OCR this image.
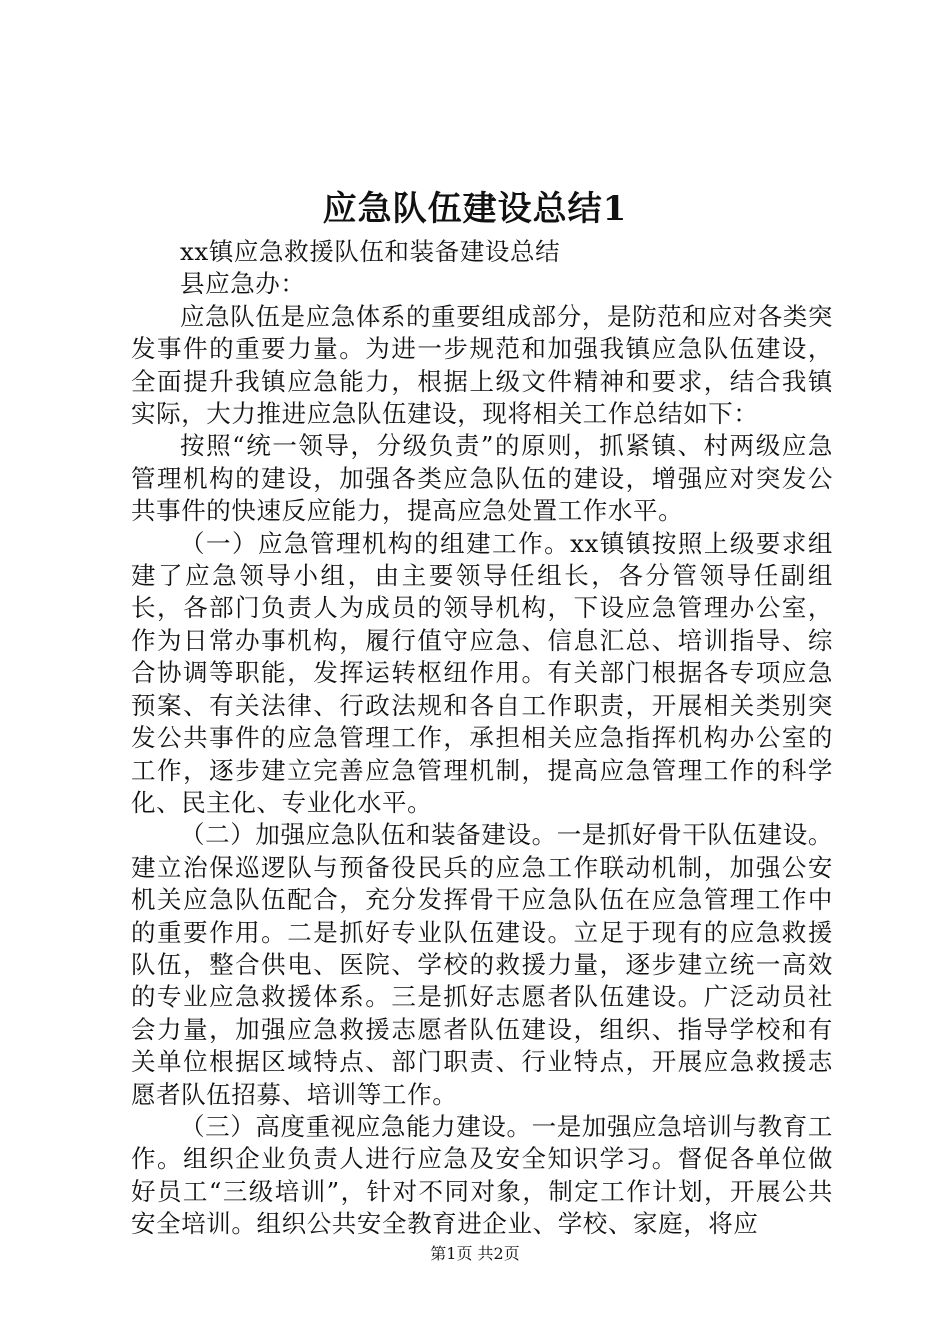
应急队伍建设总结1

xx镇应急救援队伍和装备建设总结

县应急办：

应急队伍是应急体系的重要组成部分，是防范和应对各类突发事件的重要力量。为进一步规范和加强我镇应急队伍建设，全面提升我镇应急能力，根据上级文件精神和要求，结合我镇实际，大力推进应急队伍建设，现将相关工作总结如下：

按照“统一领导，分级负责”的原则，抓紧镇、村两级应急管理机构的建设，加强各类应急队伍的建设，增强应对突发公共事件的快速反应能力，提高应急处置工作水平。

（一）应急管理机构的组建工作。xx镇镇按照上级要求组建了应急领导小组，由主要领导任组长，各分管领导任副组长，各部门负责人为成员的领导机构，下设应急管理办公室，作为日常办事机构，履行值守应急、信息汇总、培训指导、综合协调等职能，发挥运转枢纽作用。有关部门根据各专项应急预案、有关法律、行政法规和各自工作职责，开展相关类别突发公共事件的应急管理工作，承担相关应急指挥机构办公室的工作，逐步建立完善应急管理机制，提高应急管理工作的科学化、民主化、专业化水平。

（二）加强应急队伍和装备建设。一是抓好骨干队伍建设。建立治保巡逻队与预备役民兵的应急工作联动机制，加强公安机关应急队伍配合，充分发挥骨干应急队伍在应急管理工作中的重要作用。二是抓好专业队伍建设。立足于现有的应急救援队伍，整合供电、医院、学校的救援力量，逐步建立统一高效的专业应急救援体系。三是抓好志愿者队伍建设。广泛动员社会力量，加强应急救援志愿者队伍建设，组织、指导学校和有关单位根据区域特点、部门职责、行业特点，开展应急救援志愿者队伍招募、培训等工作。

（三）高度重视应急能力建设。一是加强应急培训与教育工作。组织企业负责人进行应急及安全知识学习。督促各单位做好员工“三级培训”，针对不同对象，制定工作计划，开展公共安全培训。组织公共安全教育进企业、学校、家庭，将应

第1页 共2页
